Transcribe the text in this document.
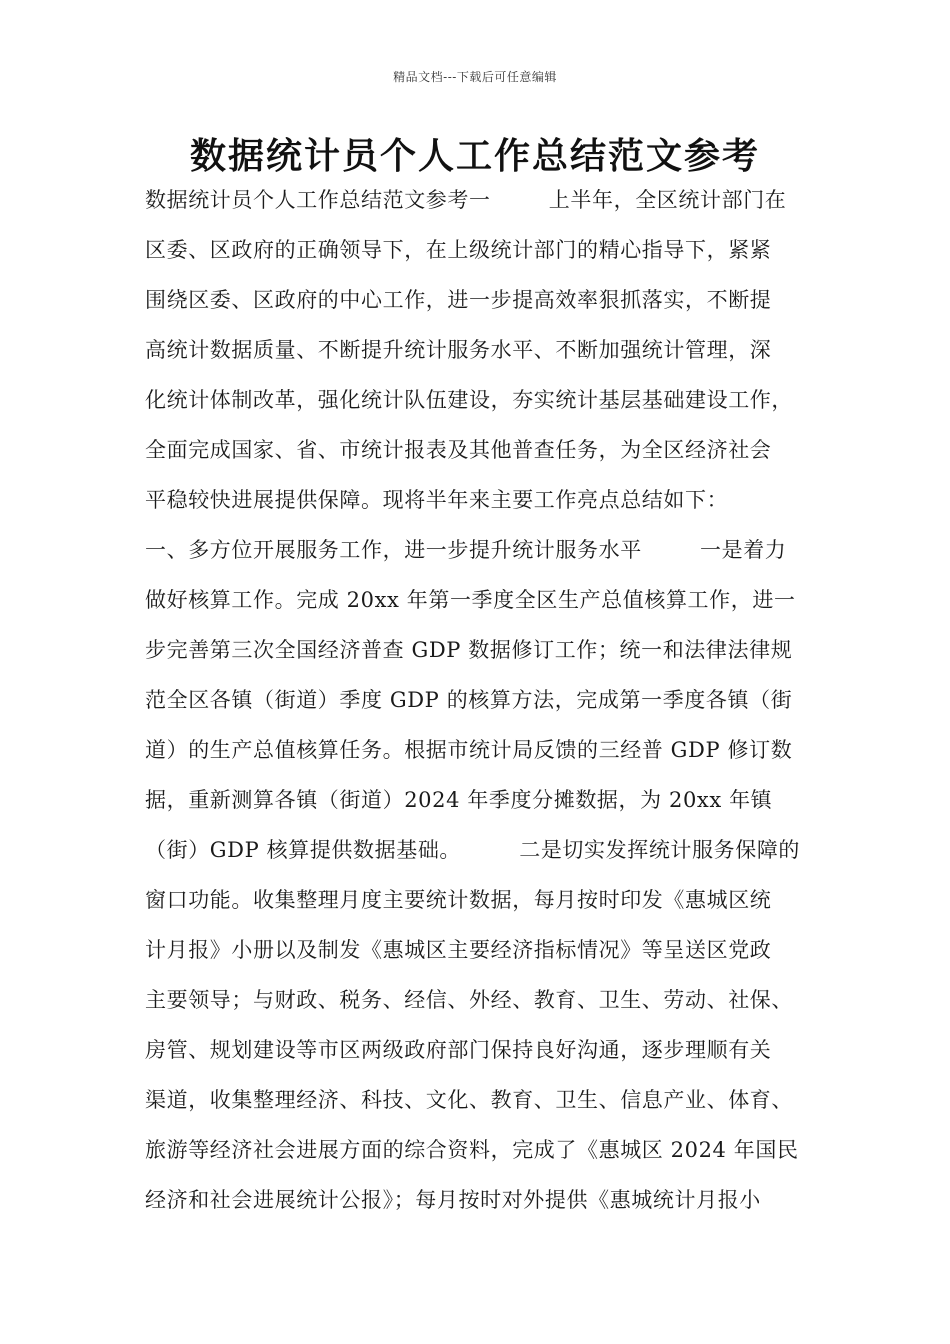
精品文档---下载后可任意编辑
数据统计员个人工作总结范文参考
数据统计员个人工作总结范文参考一        上半年，全区统计部门在
区委、区政府的正确领导下，在上级统计部门的精心指导下，紧紧
围绕区委、区政府的中心工作，进一步提高效率狠抓落实，不断提
高统计数据质量、不断提升统计服务水平、不断加强统计管理，深
化统计体制改革，强化统计队伍建设，夯实统计基层基础建设工作，
全面完成国家、省、市统计报表及其他普查任务，为全区经济社会
平稳较快进展提供保障。现将半年来主要工作亮点总结如下：
一、多方位开展服务工作，进一步提升统计服务水平        一是着力
做好核算工作。完成 20xx 年第一季度全区生产总值核算工作，进一
步完善第三次全国经济普查 GDP 数据修订工作；统一和法律法律规
范全区各镇（街道）季度 GDP 的核算方法，完成第一季度各镇（街
道）的生产总值核算任务。根据市统计局反馈的三经普 GDP 修订数
据，重新测算各镇（街道）2024 年季度分摊数据，为 20xx 年镇
（街）GDP 核算提供数据基础。        二是切实发挥统计服务保障的
窗口功能。收集整理月度主要统计数据，每月按时印发《惠城区统
计月报》小册以及制发《惠城区主要经济指标情况》等呈送区党政
主要领导；与财政、税务、经信、外经、教育、卫生、劳动、社保、
房管、规划建设等市区两级政府部门保持良好沟通，逐步理顺有关
渠道，收集整理经济、科技、文化、教育、卫生、信息产业、体育、
旅游等经济社会进展方面的综合资料，完成了《惠城区 2024 年国民
经济和社会进展统计公报》；每月按时对外提供《惠城统计月报小
